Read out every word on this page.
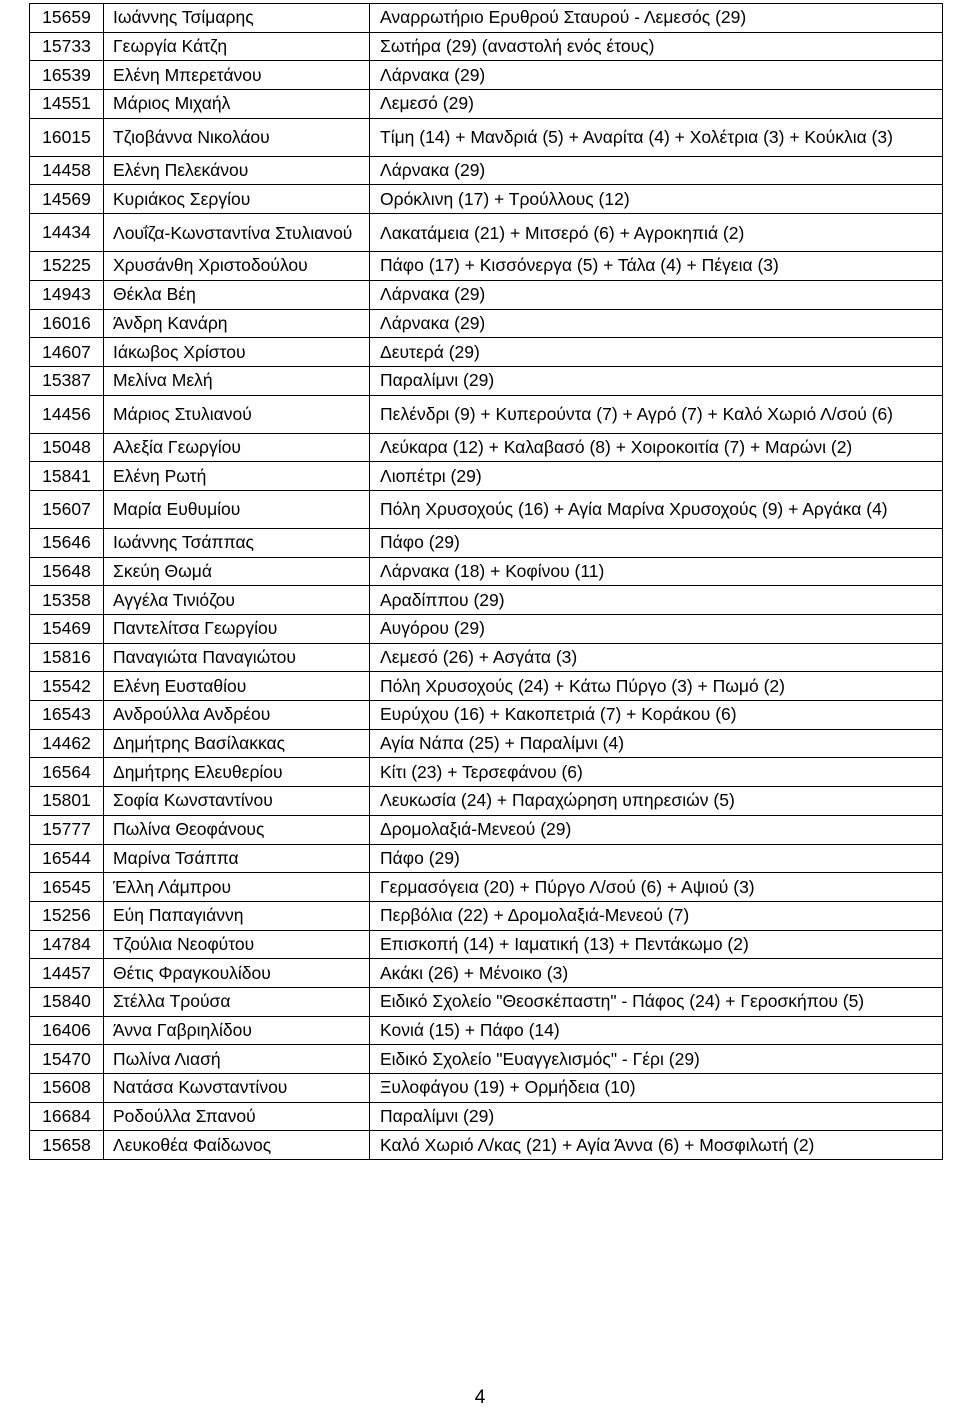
15659	Ιωάννης Τσίμαρης	Αναρρωτήριο Ερυθρού Σταυρού - Λεμεσός (29)
15733	Γεωργία Κάτζη	Σωτήρα (29) (αναστολή ενός έτους)
16539	Ελένη Μπερετάνου	Λάρνακα (29)
14551	Μάριος Μιχαήλ	Λεμεσό (29)
16015	Τζιοβάννα Νικολάου	Τίμη (14) + Μανδριά (5) + Αναρίτα (4) + Χολέτρια (3) + Κούκλια (3)
14458	Ελένη Πελεκάνου	Λάρνακα (29)
14569	Κυριάκος Σεργίου	Ορόκλινη (17) + Τρούλλους (12)
14434	Λουΐζα-Κωνσταντίνα Στυλιανού	Λακατάμεια (21) + Μιτσερό (6) + Αγροκηπιά (2)
15225	Χρυσάνθη Χριστοδούλου	Πάφο (17) + Κισσόνεργα (5) + Τάλα (4) + Πέγεια (3)
14943	Θέκλα Βέη	Λάρνακα (29)
16016	Άνδρη Κανάρη	Λάρνακα (29)
14607	Ιάκωβος Χρίστου	Δευτερά (29)
15387	Μελίνα Μελή	Παραλίμνι (29)
14456	Μάριος Στυλιανού	Πελένδρι (9) + Κυπερούντα (7) + Αγρό (7) + Καλό Χωριό Λ/σού (6)
15048	Αλεξία Γεωργίου	Λεύκαρα (12) + Καλαβασό (8) + Χοιροκοιτία (7) + Μαρώνι (2)
15841	Ελένη Ρωτή	Λιοπέτρι (29)
15607	Μαρία Ευθυμίου	Πόλη Χρυσοχούς (16) + Αγία Μαρίνα Χρυσοχούς (9) + Αργάκα (4)
15646	Ιωάννης Τσάππας	Πάφο (29)
15648	Σκεύη Θωμά	Λάρνακα (18) + Κοφίνου (11)
15358	Αγγέλα Τινιόζου	Αραδίππου (29)
15469	Παντελίτσα Γεωργίου	Αυγόρου (29)
15816	Παναγιώτα Παναγιώτου	Λεμεσό (26) + Ασγάτα (3)
15542	Ελένη Ευσταθίου	Πόλη Χρυσοχούς (24) + Κάτω Πύργο (3) + Πωμό (2)
16543	Ανδρούλλα Ανδρέου	Ευρύχου (16) + Κακοπετριά (7) + Κοράκου (6)
14462	Δημήτρης Βασίλακκας	Αγία Νάπα (25) + Παραλίμνι (4)
16564	Δημήτρης Ελευθερίου	Κίτι (23) + Τερσεφάνου (6)
15801	Σοφία Κωνσταντίνου	Λευκωσία (24) + Παραχώρηση υπηρεσιών (5)
15777	Πωλίνα Θεοφάνους	Δρομολαξιά-Μενεού (29)
16544	Μαρίνα Τσάππα	Πάφο (29)
16545	Έλλη Λάμπρου	Γερμασόγεια (20) + Πύργο Λ/σού (6) + Αψιού (3)
15256	Εύη Παπαγιάννη	Περβόλια (22) + Δρομολαξιά-Μενεού (7)
14784	Τζούλια Νεοφύτου	Επισκοπή (14) + Ιαματική (13) + Πεντάκωμο (2)
14457	Θέτις Φραγκουλίδου	Ακάκι (26) + Μένοικο (3)
15840	Στέλλα Τρούσα	Ειδικό Σχολείο "Θεοσκέπαστη" - Πάφος (24) + Γεροσκήπου (5)
16406	Άννα Γαβριηλίδου	Κονιά (15) + Πάφο (14)
15470	Πωλίνα Λιασή	Ειδικό Σχολείο "Ευαγγελισμός" - Γέρι (29)
15608	Νατάσα Κωνσταντίνου	Ξυλοφάγου (19) + Ορμήδεια (10)
16684	Ροδούλλα Σπανού	Παραλίμνι (29)
15658	Λευκοθέα Φαίδωνος	Καλό Χωριό Λ/κας (21) + Αγία Άννα (6) + Μοσφιλωτή (2)
4
